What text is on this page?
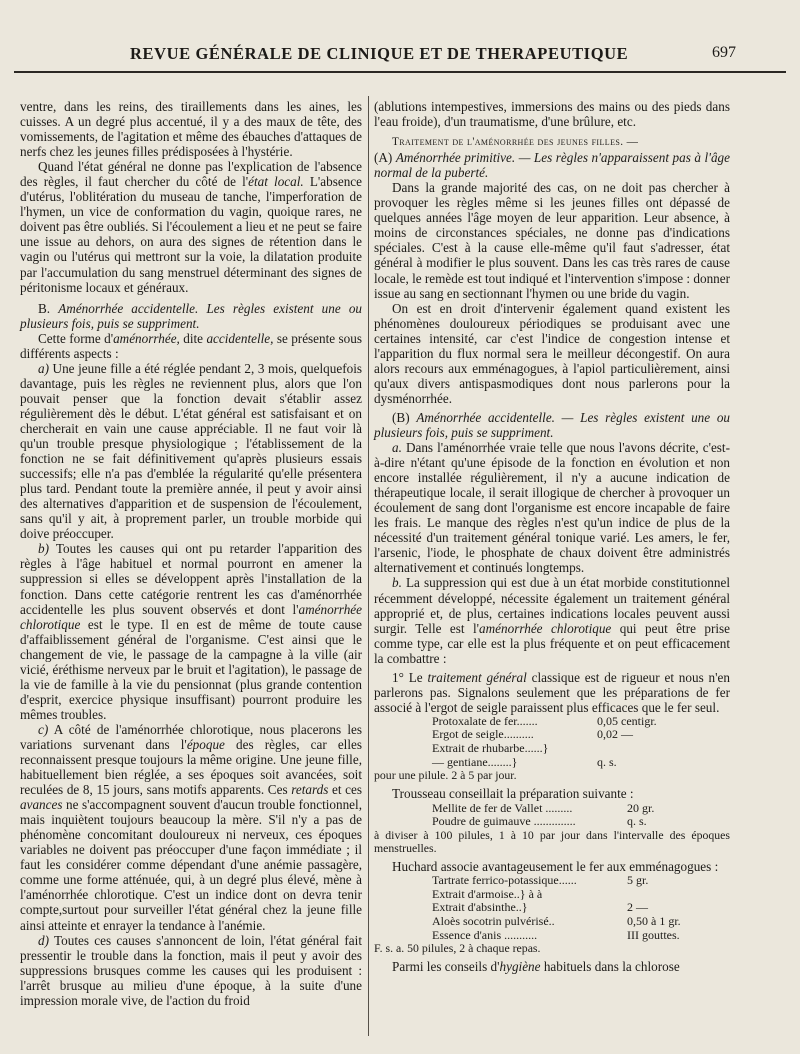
REVUE GÉNÉRALE DE CLINIQUE ET DE THERAPEUTIQUE	697

ventre, dans les reins, des tiraillements dans les aines, les cuisses. A un degré plus accentué, il y a des maux de tête, des vomissements, de l'agitation et même des ébauches d'attaques de nerfs chez les jeunes filles prédisposées à l'hystérie.

Quand l'état général ne donne pas l'explication de l'absence des règles, il faut chercher du côté de l'état local. L'absence d'utérus, l'oblitération du museau de tanche, l'imperforation de l'hymen, un vice de conformation du vagin, quoique rares, ne doivent pas être oubliés. Si l'écoulement a lieu et ne peut se faire une issue au dehors, on aura des signes de rétention dans le vagin ou l'utérus qui mettront sur la voie, la dilatation produite par l'accumulation du sang menstruel déterminant des signes de péritonisme locaux et généraux.

B. Aménorrhée accidentelle. Les règles existent une ou plusieurs fois, puis se suppriment.

Cette forme d'aménorrhée, dite accidentelle, se présente sous différents aspects :

a) Une jeune fille a été réglée pendant 2, 3 mois, quelquefois davantage, puis les règles ne reviennent plus, alors que l'on pouvait penser que la fonction devait s'établir assez régulièrement dès le début. L'état général est satisfaisant et on chercherait en vain une cause appréciable. Il ne faut voir là qu'un trouble presque physiologique ; l'établissement de la fonction ne se fait définitivement qu'après plusieurs essais successifs; elle n'a pas d'emblée la régularité qu'elle présentera plus tard. Pendant toute la première année, il peut y avoir ainsi des alternatives d'apparition et de suspension de l'écoulement, sans qu'il y ait, à proprement parler, un trouble morbide qui doive préoccuper.

b) Toutes les causes qui ont pu retarder l'apparition des règles à l'âge habituel et normal pourront en amener la suppression si elles se développent après l'installation de la fonction. Dans cette catégorie rentrent les cas d'aménorrhée accidentelle les plus souvent observés et dont l'aménorrhée chlorotique est le type. Il en est de même de toute cause d'affaiblissement général de l'organisme. C'est ainsi que le changement de vie, le passage de la campagne à la ville (air vicié, éréthisme nerveux par le bruit et l'agitation), le passage de la vie de famille à la vie du pensionnat (plus grande contention d'esprit, exercice physique insuffisant) pourront produire les mêmes troubles.

c) A côté de l'aménorrhée chlorotique, nous placerons les variations survenant dans l'époque des règles, car elles reconnaissent presque toujours la même origine. Une jeune fille, habituellement bien réglée, a ses époques soit avancées, soit reculées de 8, 15 jours, sans motifs apparents. Ces retards et ces avances ne s'accompagnent souvent d'aucun trouble fonctionnel, mais inquiètent toujours beaucoup la mère. S'il n'y a pas de phénomène concomitant douloureux ni nerveux, ces époques variables ne doivent pas préoccuper d'une façon immédiate ; il faut les considérer comme dépendant d'une anémie passagère, comme une forme atténuée, qui, à un degré plus élevé, mène à l'aménorrhée chlorotique. C'est un indice dont on devra tenir compte,surtout pour surveiller l'état général chez la jeune fille ainsi atteinte et enrayer la tendance à l'anémie.

d) Toutes ces causes s'annoncent de loin, l'état général fait pressentir le trouble dans la fonction, mais il peut y avoir des suppressions brusques comme les causes qui les produisent : l'arrêt brusque au milieu d'une époque, à la suite d'une impression morale vive, de l'action du froid

(ablutions intempestives, immersions des mains ou des pieds dans l'eau froide), d'un traumatisme, d'une brûlure, etc.

Traitement de l'aménorrhée des jeunes filles. —

(A) Aménorrhée primitive. — Les règles n'apparaissent pas à l'âge normal de la puberté.

Dans la grande majorité des cas, on ne doit pas chercher à provoquer les règles même si les jeunes filles ont dépassé de quelques années l'âge moyen de leur apparition. Leur absence, à moins de circonstances spéciales, ne donne pas d'indications spéciales. C'est à la cause elle-même qu'il faut s'adresser, état général à modifier le plus souvent. Dans les cas très rares de cause locale, le remède est tout indiqué et l'intervention s'impose : donner issue au sang en sectionnant l'hymen ou une bride du vagin.

On est en droit d'intervenir également quand existent les phénomènes douloureux périodiques se produisant avec une certaines intensité, car c'est l'indice de congestion intense et l'apparition du flux normal sera le meilleur décongestif. On aura alors recours aux emménagogues, à l'apiol particulièrement, ainsi qu'aux divers antispasmodiques dont nous parlerons pour la dysménorrhée.

(B) Aménorrhée accidentelle. — Les règles existent une ou plusieurs fois, puis se suppriment.

a. Dans l'aménorrhée vraie telle que nous l'avons décrite, c'est-à-dire n'étant qu'une épisode de la fonction en évolution et non encore installée régulièrement, il n'y a aucune indication de thérapeutique locale, il serait illogique de chercher à provoquer un écoulement de sang dont l'organisme est encore incapable de faire les frais. Le manque des règles n'est qu'un indice de plus de la nécessité d'un traitement général tonique varié. Les amers, le fer, l'arsenic, l'iode, le phosphate de chaux doivent être administrés alternativement et continués longtemps.

b. La suppression qui est due à un état morbide constitutionnel récemment développé, nécessite également un traitement général approprié et, de plus, certaines indications locales peuvent aussi surgir. Telle est l'aménorrhée chlorotique qui peut être prise comme type, car elle est la plus fréquente et on peut efficacement la combattre :

1° Le traitement général classique est de rigueur et nous n'en parlerons pas. Signalons seulement que les préparations de fer associé à l'ergot de seigle paraissent plus efficaces que le fer seul.

Protoxalate de fer.......	0,05 centigr.
Ergot de seigle..........	0,02 —
Extrait de rhubarbe......}
— gentiane........}	q. s.

pour une pilule. 2 à 5 par jour.

Trousseau conseillait la préparation suivante :

Mellite de fer de Vallet .........	20 gr.
Poudre de guimauve ..............	q. s.

à diviser à 100 pilules, 1 à 10 par jour dans l'intervalle des époques menstruelles.

Huchard associe avantageusement le fer aux emménagogues :

Tartrate ferrico-potassique......	5 gr.
Extrait d'armoise..} à à
Extrait d'absinthe..}	2 —
Aloès socotrin pulvérisé..	0,50 à 1 gr.
Essence d'anis ...........	III gouttes.

F. s. a. 50 pilules, 2 à chaque repas.

Parmi les conseils d'hygiène habituels dans la chlorose
